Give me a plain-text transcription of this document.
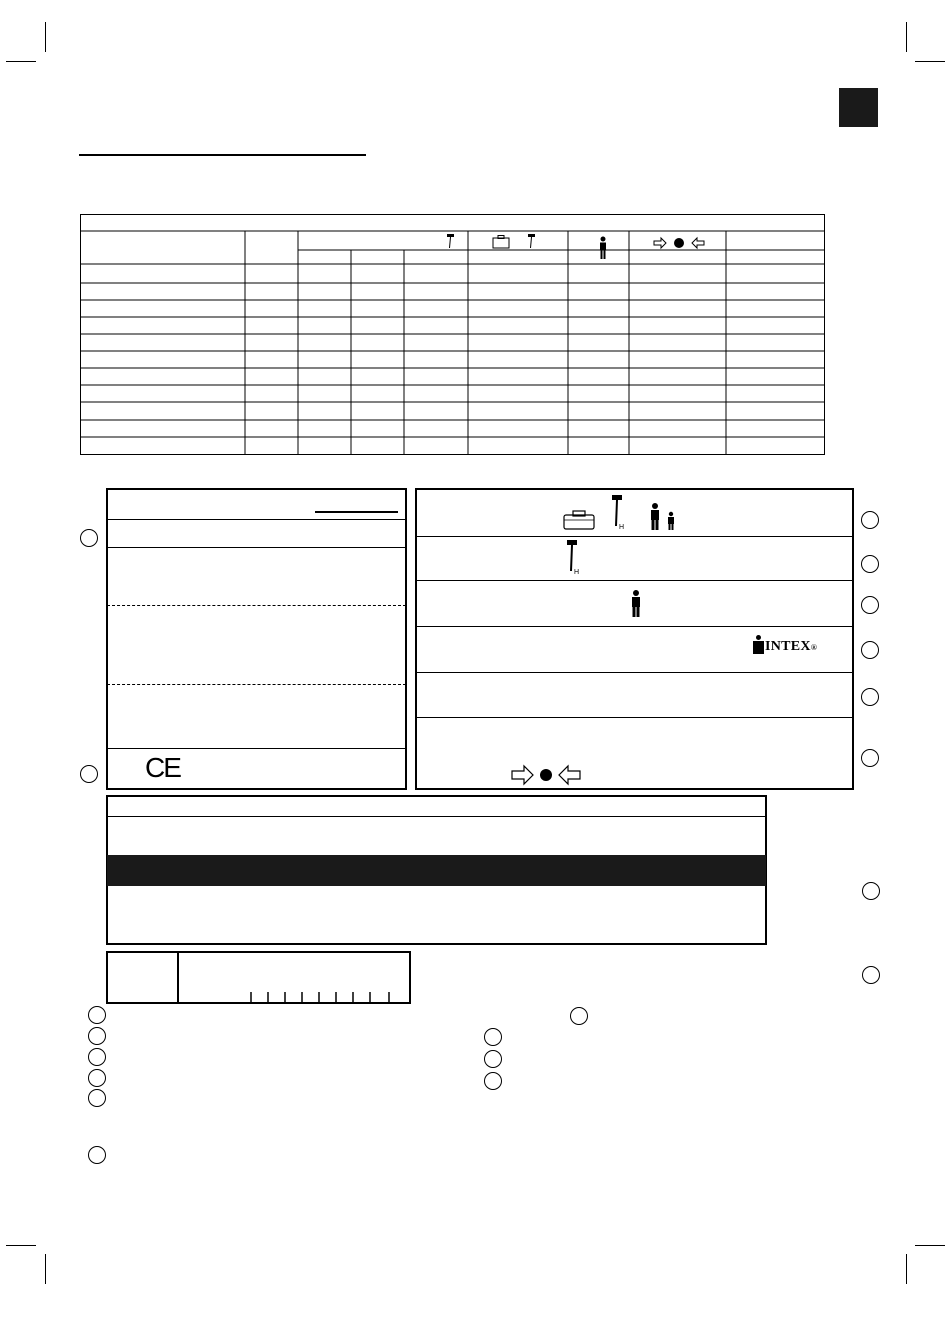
CE
H
H
INTEX ®
